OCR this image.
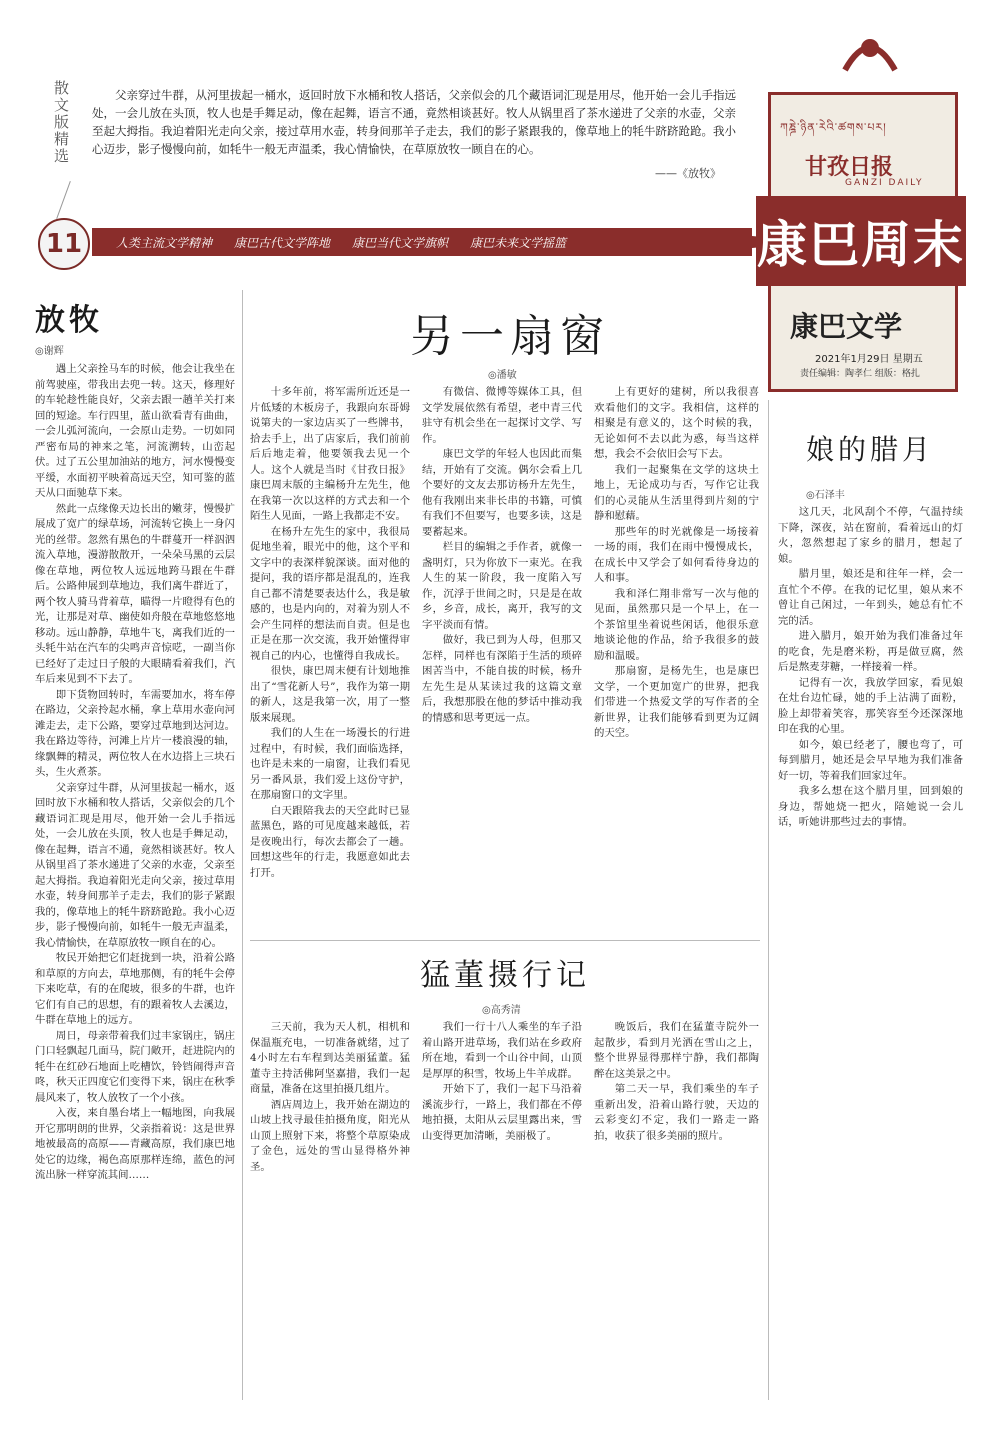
散文版精选	父亲穿过牛群，从河里拔起一桶水，返回时放下水桶和牧人搭话，父亲似会的几个藏语词汇现是用尽，他开始一会儿手指远处，一会儿放在头顶，牧人也是手舞足动，像在起舞，语言不通，竟然相谈甚好。牧人从锅里舀了茶水递进了父亲的水壶，父亲至起大拇指。我迫着阳光走向父亲，接过草用水壶，转身间那羊子走去，我们的影子紧跟我的，像草地上的牦牛跻跻跄跄。我小心迈步，影子慢慢向前，如牦牛一般无声温柔，我心情愉快，在草原放牧一顾自在的心。

——《放牧》
11	人类主流文学精神 康巴古代文学阵地 康巴当代文学旗帜 康巴未来文学摇篮
ཀཎྜེ་ཉིན་རེའི་ཚགས་པར།
甘孜日报
GANZI DAILY
康巴周末
康巴文学
2021年1月29日 星期五
责任编辑：陶孝仁 组版：格扎
放牧
◎谢辉

遇上父亲拴马车的时候，他会让我坐在前驾驶座，带我出去兜一转。这天，修理好的车轮趁性能良好，父亲去跟一趟羊关打来回的短途。车行四里，蓝山欲看青有曲曲，一会儿弧河流向，一会原山走势。一切如同严密布局的神来之笔，河流溯转，山峦起伏。过了五公里加油站的地方，河水慢慢变平缓，水面初平映着高远天空，知可鉴的蓝天从口面驰草下来。

然此一点缘像天边长出的嫩芽，慢慢扩展成了宽广的绿草场，河流转它换上一身闪光的丝带。忽然有黑色的牛群蔓开一样泅泗流入草地，漫游散散开，一朵朵马黑的云层像在草地，两位牧人远远地跨马跟在牛群后。公路伸展到草地边，我们离牛群近了，两个牧人骑马背着草，瞄得一片瞪得有色的光，让那是对草、幽使如舟般在草地悠悠地移动。远山静静，草地牛飞，离我们近的一头牦牛站在汽车的尖鸣声音惊呓，一副当你已经好了走过日子般的大眼睛看着我们，汽车后来见到不下去了。

即下货物回转时，车需要加水，将车停在路边，父亲拎起水桶，拿上草用水壶向河滩走去，走下公路，要穿过草地到达河边。我在路边等待，河滩上片片一楼浪漫的轴，缘飘舞的精灵，两位牧人在水边搭上三块石头，生火煮茶。

父亲穿过牛群，从河里拔起一桶水，返回时放下水桶和牧人搭话，父亲似会的几个藏语词汇现是用尽，他开始一会儿手指远处，一会儿放在头顶，牧人也是手舞足动，像在起舞，语言不通，竟然相谈甚好。牧人从锅里舀了茶水递进了父亲的水壶，父亲至起大拇指。我迫着阳光走向父亲，接过草用水壶，转身间那羊子走去，我们的影子紧跟我的，像草地上的牦牛跻跻跄跄。我小心迈步，影子慢慢向前，如牦牛一般无声温柔，我心情愉快，在草原放牧一顾自在的心。

牧民开始把它们赶拢到一块，沿着公路和草原的方向去，草地那侧，有的牦牛会停下来吃草，有的在爬坡，很多的牛群，也许它们有自己的思想，有的跟着牧人去溪边，牛群在草地上的远方。

周日，母亲带着我们过丰家锅庄，锅庄门口轻飘起几面马，院门敞开，赶进院内的牦牛在红砂石地面上吃槽饮，铃铛闹得声音咚，秋天正四度它们变得下来，锅庄在秋季晨风来了，牧人放牧了一个小孩。

入夜，来自墨台堵上一幅地图，向我展开它那明朗的世界，父亲指着说：这是世界地被最高的高原——青藏高原，我们康巴地处它的边缘，褐色高原那样连绵，蓝色的河流出脉一样穿流其间……

另一扇窗
◎潘敏

十多年前，将军需所近还是一片低矮的木板房子，我跟向东哥姆说第夫的一家边店买了一些牌书，拾去手上，出了店家后，我们前前后后地走着，他要领我去见一个人。这个人就是当时《甘孜日报》康巴周末版的主编杨升左先生，他在我第一次以这样的方式去和一个陌生人见面，一路上我都走不安。

在杨升左先生的家中，我很局促地坐着，眼光中的他，这个平和文字中的表深样貌深谈。面对他的提问，我的语序都是混乱的，连我自己都不清楚要表达什么，我是敏感的，也是内向的，对着为别人不会产生同样的想法而自责。但是也正是在那一次交流，我开始懂得审视自己的内心，也懂得自我成长。

很快，康巴周末便有计划地推出了“雪花新人号”，我作为第一期的新人，这是我第一次，用了一整版来展现。

我们的人生在一场漫长的行进过程中，有时候，我们面临选择，也许是未来的一扇窗，让我们看见另一番风景，我们爱上这份守护，在那扇窗口的文字里。

白天跟陪我去的天空此时已显蓝黑色，路的可见度越来越低，若是夜晚出行，每次去都会了一趟。回想这些年的行走，我愿意如此去打开。

有微信、微博等媒体工具，但文学发展依然有希望，老中青三代驻守有机会坐在一起探讨文学、写作。

康巴文学的年轻人也因此而集结，开始有了交流。偶尔会看上几个要好的文友去那访杨升左先生，他有我刚出来非长串的书籍，可慎有我们不但要写，也要多读，这是要蓄起来。

栏目的编辑之手作者，就像一盏明灯，只为你放下一束光。在我人生的某一阶段，我一度陷入写作，沉浮于世间之时，只是是在故乡，乡音，成长，离开，我写的文字平淡而有情。

做好，我已到为人母，但那又怎样，同样也有深陷于生活的琐碎困苦当中，不能自拔的时候，杨升左先生是从某读过我的这篇文章后，我想那股在他的梦话中推动我的情感和思考更远一点。

上有更好的建树，所以我很喜欢看他们的文字。我相信，这样的相聚是有意义的，这个时候的我，无论如何不去以此为惑，每当这样想，我会不会依旧会写下去。

我们一起聚集在文学的这块土地上，无论成功与否，写作它让我们的心灵能从生活里得到片刻的宁静和慰藉。

那些年的时光就像是一场接着一场的雨，我们在雨中慢慢成长，在成长中又学会了如何看待身边的人和事。

我和泽仁翔非常写一次与他的见面，虽然那只是一个早上，在一个茶馆里坐着说些闲话，他很乐意地谈论他的作品，给予我很多的鼓励和温暖。

那扇窗，是杨先生，也是康巴文学，一个更加宽广的世界，把我们带进一个热爱文学的写作者的全新世界，让我们能够看到更为辽阔的天空。

娘的腊月
◎石泽丰

这几天，北风刮个不停，气温持续下降，深夜，站在窗前，看着远山的灯火，忽然想起了家乡的腊月，想起了娘。

腊月里，娘还是和往年一样，会一直忙个不停。在我的记忆里，娘从来不曾让自己闲过，一年到头，她总有忙不完的活。

进入腊月，娘开始为我们准备过年的吃食，先是磨米粉，再是做豆腐，然后是熬麦芽糖，一样接着一样。

记得有一次，我放学回家，看见娘在灶台边忙碌，她的手上沾满了面粉，脸上却带着笑容，那笑容至今还深深地印在我的心里。

如今，娘已经老了，腰也弯了，可每到腊月，她还是会早早地为我们准备好一切，等着我们回家过年。

我多么想在这个腊月里，回到娘的身边，帮她烧一把火，陪她说一会儿话，听她讲那些过去的事情。

猛董摄行记
◎高秀清

三天前，我为天人机，相机和保温瓶充电，一切准备就绪，过了4小时左右车程到达美丽猛董。猛董寺主持活佛阿坚嘉措，我们一起商量，准备在这里拍摄几组片。

酒店周边上，我开始在湖边的山坡上找寻最佳拍摄角度，阳光从山顶上照射下来，将整个草原染成了金色，远处的雪山显得格外神圣。

我们一行十八人乘坐的车子沿着山路开进草场，我们站在乡政府所在地，看到一个山谷中间，山顶是厚厚的积雪，牧场上牛羊成群。

开始下了，我们一起下马沿着溪流步行，一路上，我们都在不停地拍摄，太阳从云层里露出来，雪山变得更加清晰，美丽极了。

晚饭后，我们在猛董寺院外一起散步，看到月光洒在雪山之上，整个世界显得那样宁静，我们都陶醉在这美景之中。

第二天一早，我们乘坐的车子重新出发，沿着山路行驶，天边的云彩变幻不定，我们一路走一路拍，收获了很多美丽的照片。
